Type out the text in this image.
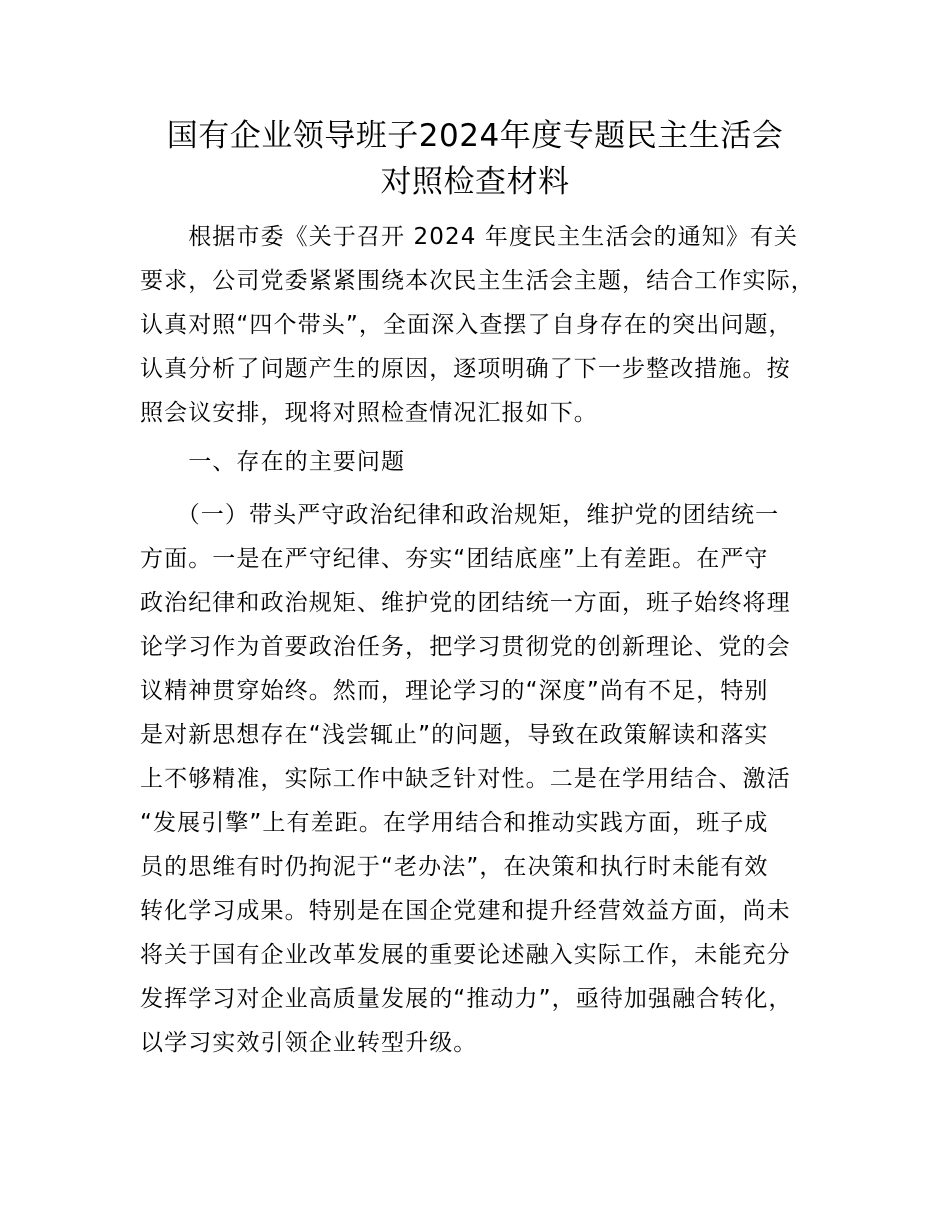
国有企业领导班子2024年度专题民主生活会
对照检查材料
　　根据市委《关于召开 2024 年度民主生活会的通知》有关
要求，公司党委紧紧围绕本次民主生活会主题，结合工作实际，
认真对照“四个带头”，全面深入查摆了自身存在的突出问题，
认真分析了问题产生的原因，逐项明确了下一步整改措施。按
照会议安排，现将对照检查情况汇报如下。
　　一、存在的主要问题
　　（一）带头严守政治纪律和政治规矩，维护党的团结统一
方面。一是在严守纪律、夯实“团结底座”上有差距。在严守
政治纪律和政治规矩、维护党的团结统一方面，班子始终将理
论学习作为首要政治任务，把学习贯彻党的创新理论、党的会
议精神贯穿始终。然而，理论学习的“深度”尚有不足，特别
是对新思想存在“浅尝辄止”的问题，导致在政策解读和落实
上不够精准，实际工作中缺乏针对性。二是在学用结合、激活
“发展引擎”上有差距。在学用结合和推动实践方面，班子成
员的思维有时仍拘泥于“老办法”，在决策和执行时未能有效
转化学习成果。特别是在国企党建和提升经营效益方面，尚未
将关于国有企业改革发展的重要论述融入实际工作，未能充分
发挥学习对企业高质量发展的“推动力”，亟待加强融合转化，
以学习实效引领企业转型升级。
